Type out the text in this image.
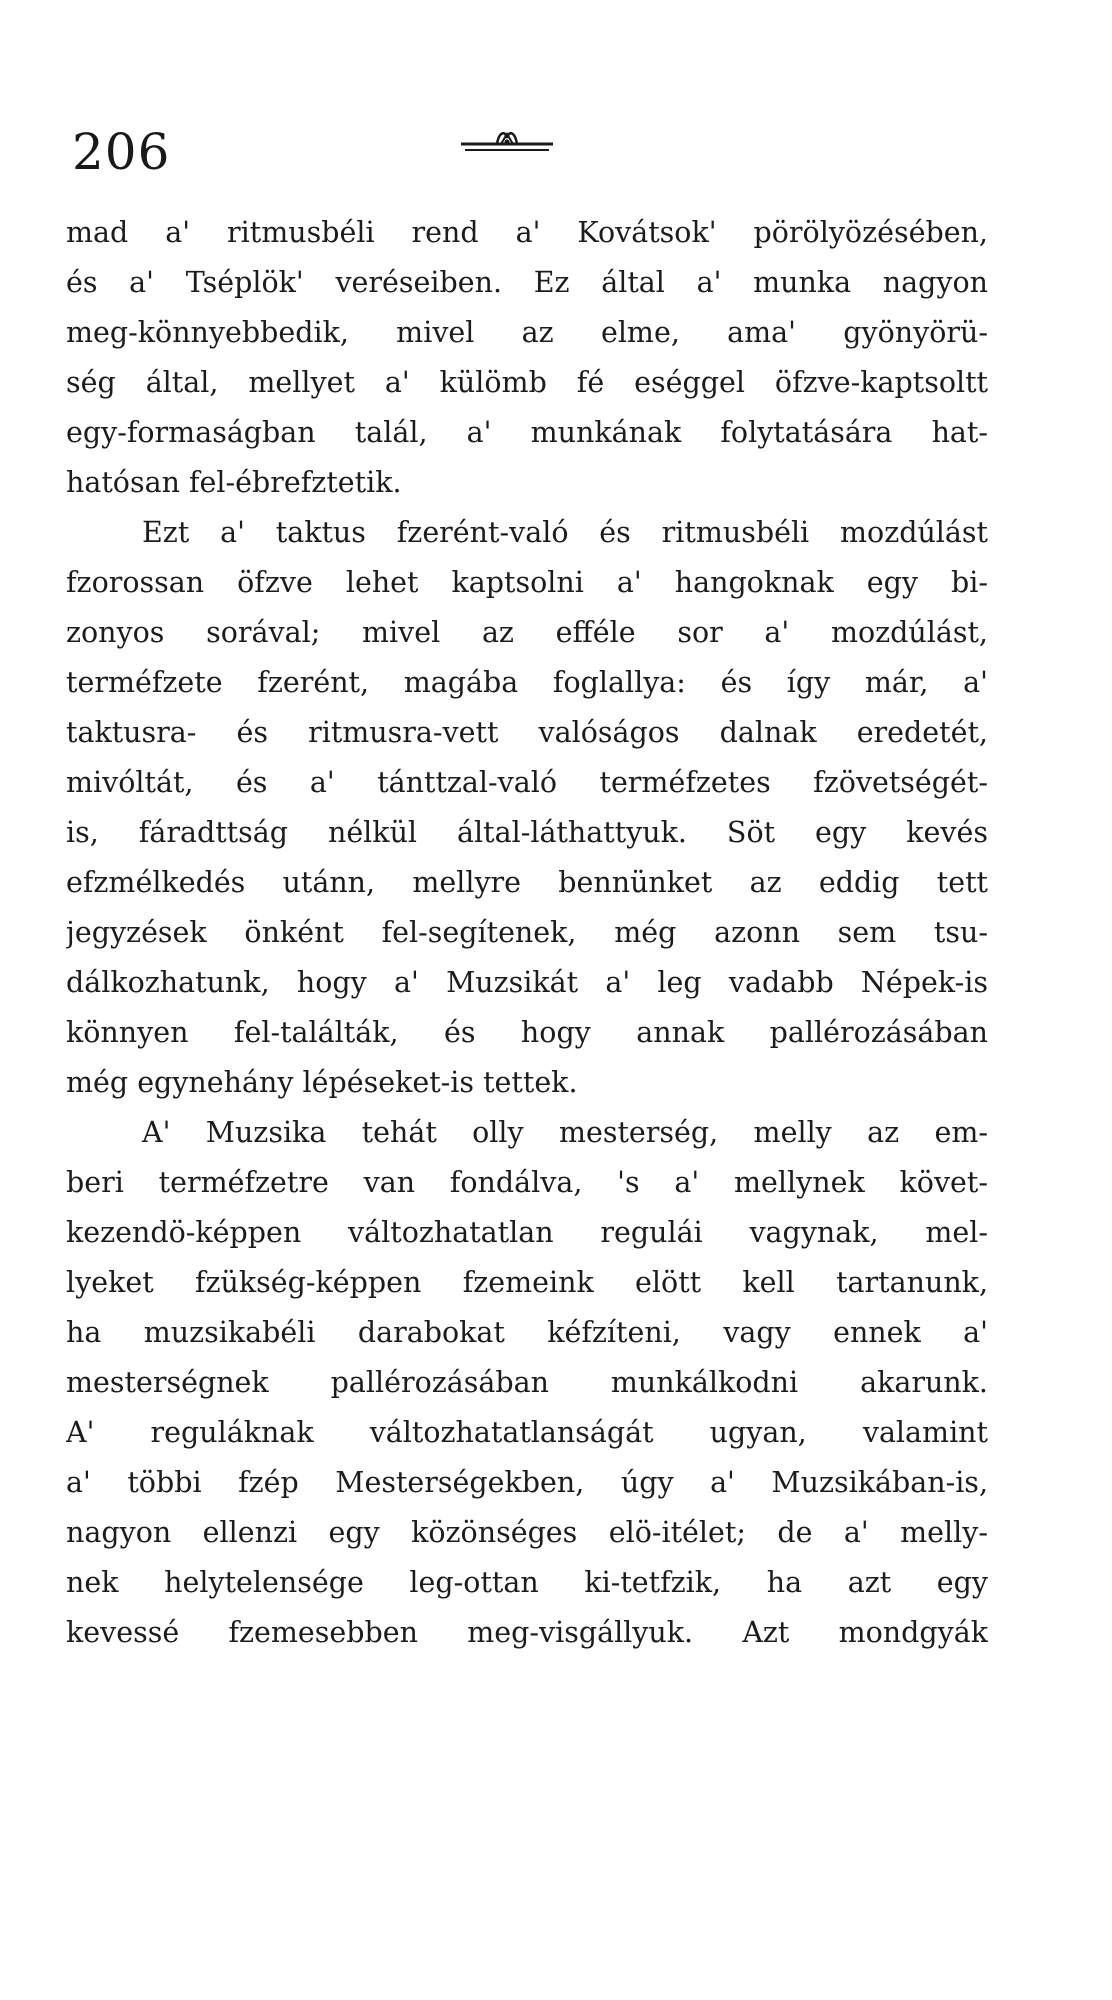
206
mad a' ritmusbéli rend a' Kovátsok' pörölyözésében,
és a' Tséplök' veréseiben. Ez által a' munka nagyon
meg-könnyebbedik, mivel az elme, ama' gyönyörü-
ség által, mellyet a' külömb fé eséggel öfzve-kaptsoltt
egy-formaságban talál, a' munkának folytatására hat-
hatósan fel-ébrefztetik.
Ezt a' taktus fzerént-való és ritmusbéli mozdúlást
fzorossan öfzve lehet kaptsolni a' hangoknak egy bi-
zonyos sorával; mivel az efféle sor a' mozdúlást,
terméfzete fzerént, magába foglallya: és így már, a'
taktusra- és ritmusra-vett valóságos dalnak eredetét,
mivóltát, és a' tánttzal-való terméfzetes fzövetségét-
is, fáradttság nélkül által-láthattyuk. Söt egy kevés
efzmélkedés utánn, mellyre bennünket az eddig tett
jegyzések önként fel-segítenek, még azonn sem tsu-
dálkozhatunk, hogy a' Muzsikát a' leg vadabb Népek-is
könnyen fel-találták, és hogy annak pallérozásában
még egynehány lépéseket-is tettek.
A' Muzsika tehát olly mesterség, melly az em-
beri terméfzetre van fondálva, 's a' mellynek követ-
kezendö-képpen változhatatlan regulái vagynak, mel-
lyeket fzükség-képpen fzemeink elött kell tartanunk,
ha muzsikabéli darabokat kéfzíteni, vagy ennek a'
mesterségnek pallérozásában munkálkodni akarunk.
A' reguláknak változhatatlanságát ugyan, valamint
a' többi fzép Mesterségekben, úgy a' Muzsikában-is,
nagyon ellenzi egy közönséges elö-itélet; de a' melly-
nek helytelensége leg-ottan ki-tetfzik, ha azt egy
kevessé fzemesebben meg-visgállyuk. Azt mondgyák
